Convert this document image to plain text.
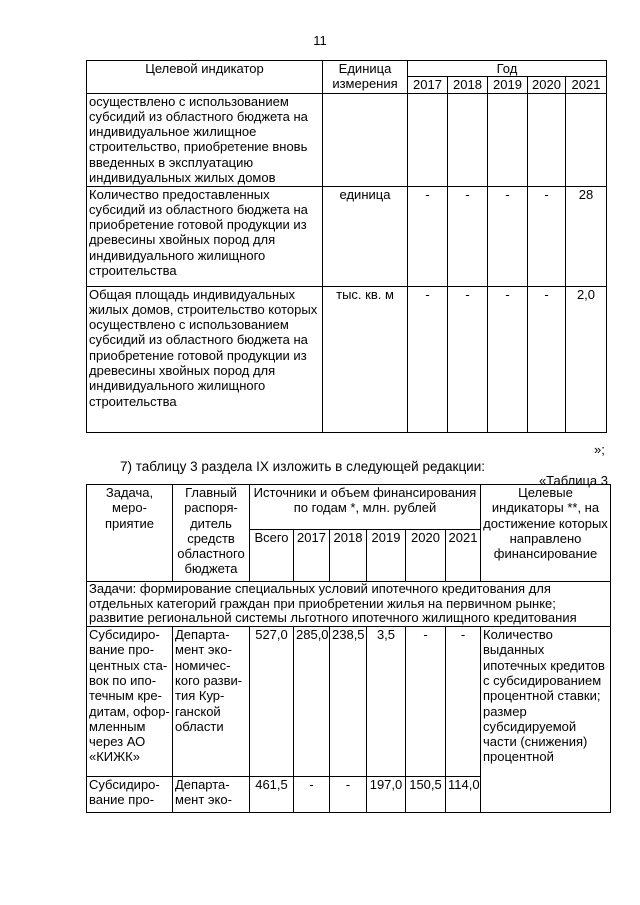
11
Целевой индикатор	Единица измерения	Год				
		2017	2018	2019	2020	2021
осуществлено с использованием субсидий из областного бюджета на индивидуальное жилищное строительство, приобретение вновь введенных в эксплуатацию индивидуальных жилых домов						
Количество предоставленных субсидий из областного бюджета на приобретение готовой продукции из древесины хвойных пород для индивидуального жилищного строительства	единица	-	-	-	-	28
Общая площадь индивидуальных жилых домов, строительство которых осуществлено с использованием субсидий из областного бюджета на приобретение готовой продукции из древесины хвойных пород для индивидуального жилищного строительства	тыс. кв. м	-	-	-	-	2,0
»;
7) таблицу 3 раздела IX изложить в следующей редакции:
«Таблица 3
Задача, меро-приятие	Главный распоря-дитель средств областного бюджета	Источники и объем финансирования по годам *, млн. рублей						Целевые индикаторы **, на достижение которых направлено финансирование
		Всего	2017	2018	2019	2020	2021	
Задачи: формирование специальных условий ипотечного кредитования для отдельных категорий граждан при приобретении жилья на первичном рынке; развитие региональной системы льготного ипотечного жилищного кредитования								
Субсидиро-вание про-центных ста-вок по ипо-течным кре-дитам, офор-мленным через АО «КИЖК»	Департа-мент эко-номичес-кого разви-тия Кур-ганской области	527,0	285,0	238,5	3,5	-	-	Количество выданных ипотечных кредитов с субсидированием процентной ставки; размер субсидируемой части (снижения) процентной
Субсидиро-вание про-	Департа-мент эко-	461,5	-	-	197,0	150,5	114,0	
